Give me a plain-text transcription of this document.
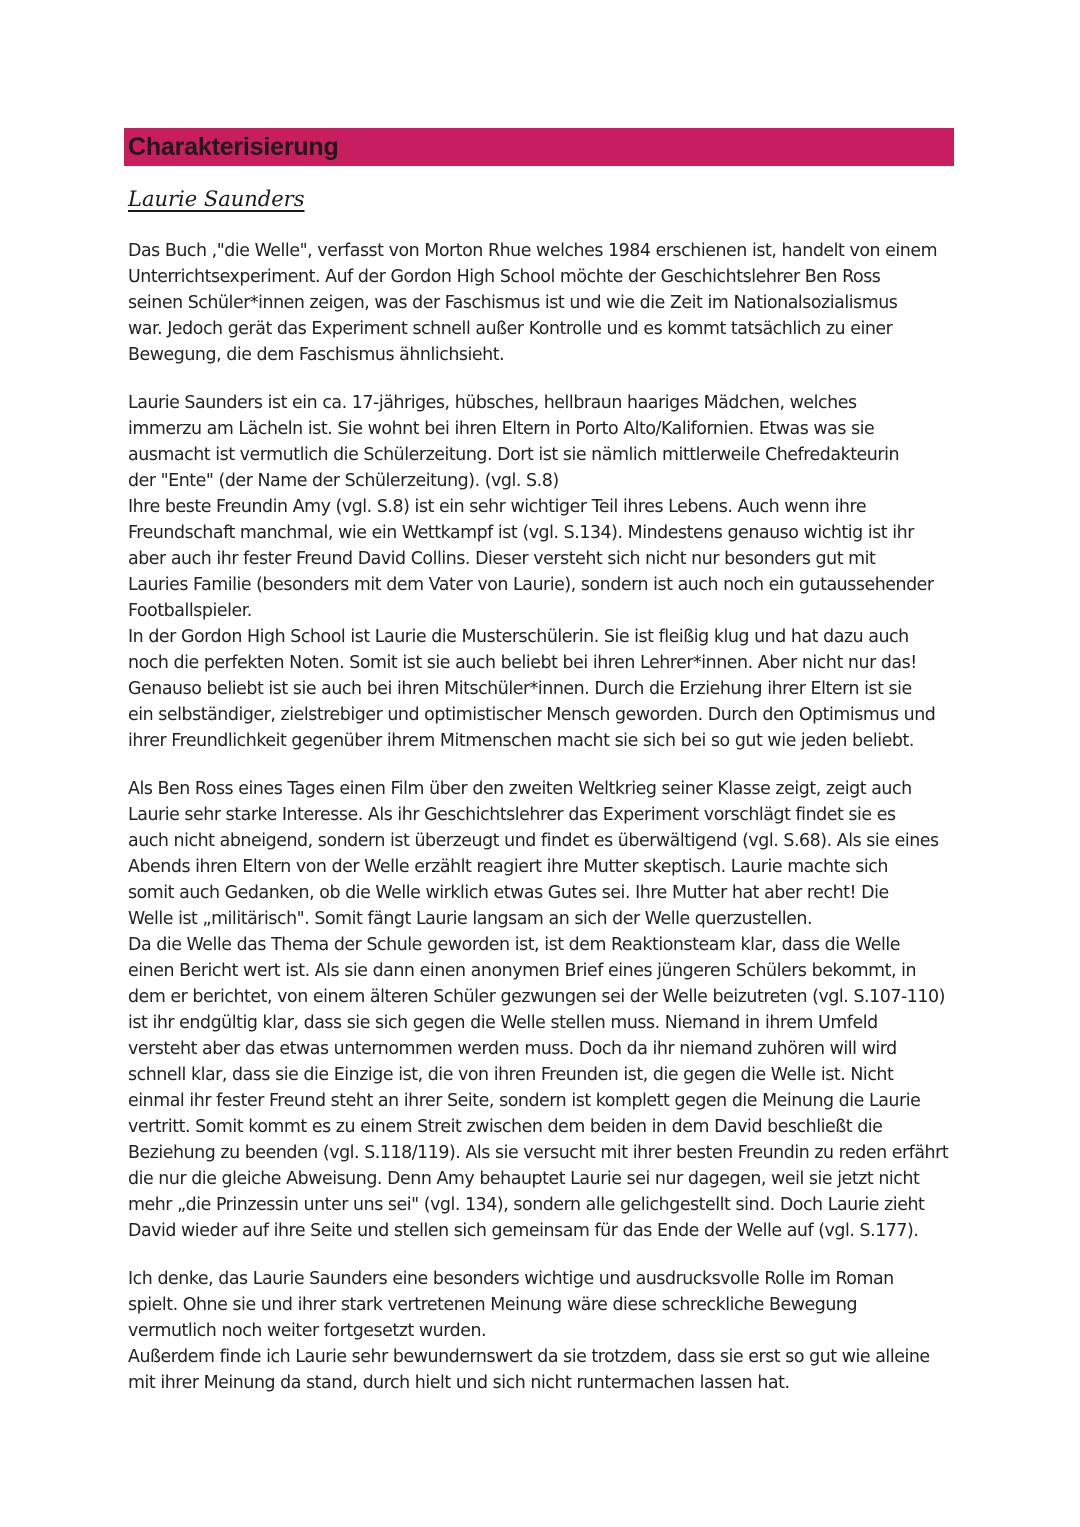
Charakterisierung
Laurie Saunders
Das Buch ,"die Welle", verfasst von Morton Rhue welches 1984 erschienen ist, handelt von einem
Unterrichtsexperiment. Auf der Gordon High School möchte der Geschichtslehrer Ben Ross
seinen Schüler*innen zeigen, was der Faschismus ist und wie die Zeit im Nationalsozialismus
war. Jedoch gerät das Experiment schnell außer Kontrolle und es kommt tatsächlich zu einer
Bewegung, die dem Faschismus ähnlichsieht.
Laurie Saunders ist ein ca. 17-jähriges, hübsches, hellbraun haariges Mädchen, welches
immerzu am Lächeln ist. Sie wohnt bei ihren Eltern in Porto Alto/Kalifornien. Etwas was sie
ausmacht ist vermutlich die Schülerzeitung. Dort ist sie nämlich mittlerweile Chefredakteurin
der "Ente" (der Name der Schülerzeitung). (vgl. S.8)
Ihre beste Freundin Amy (vgl. S.8) ist ein sehr wichtiger Teil ihres Lebens. Auch wenn ihre
Freundschaft manchmal, wie ein Wettkampf ist (vgl. S.134). Mindestens genauso wichtig ist ihr
aber auch ihr fester Freund David Collins. Dieser versteht sich nicht nur besonders gut mit
Lauries Familie (besonders mit dem Vater von Laurie), sondern ist auch noch ein gutaussehender
Footballspieler.
In der Gordon High School ist Laurie die Musterschülerin. Sie ist fleißig klug und hat dazu auch
noch die perfekten Noten. Somit ist sie auch beliebt bei ihren Lehrer*innen. Aber nicht nur das!
Genauso beliebt ist sie auch bei ihren Mitschüler*innen. Durch die Erziehung ihrer Eltern ist sie
ein selbständiger, zielstrebiger und optimistischer Mensch geworden. Durch den Optimismus und
ihrer Freundlichkeit gegenüber ihrem Mitmenschen macht sie sich bei so gut wie jeden beliebt.
Als Ben Ross eines Tages einen Film über den zweiten Weltkrieg seiner Klasse zeigt, zeigt auch
Laurie sehr starke Interesse. Als ihr Geschichtslehrer das Experiment vorschlägt findet sie es
auch nicht abneigend, sondern ist überzeugt und findet es überwältigend (vgl. S.68). Als sie eines
Abends ihren Eltern von der Welle erzählt reagiert ihre Mutter skeptisch. Laurie machte sich
somit auch Gedanken, ob die Welle wirklich etwas Gutes sei. Ihre Mutter hat aber recht! Die
Welle ist „militärisch". Somit fängt Laurie langsam an sich der Welle querzustellen.
Da die Welle das Thema der Schule geworden ist, ist dem Reaktionsteam klar, dass die Welle
einen Bericht wert ist. Als sie dann einen anonymen Brief eines jüngeren Schülers bekommt, in
dem er berichtet, von einem älteren Schüler gezwungen sei der Welle beizutreten (vgl. S.107-110)
ist ihr endgültig klar, dass sie sich gegen die Welle stellen muss. Niemand in ihrem Umfeld
versteht aber das etwas unternommen werden muss. Doch da ihr niemand zuhören will wird
schnell klar, dass sie die Einzige ist, die von ihren Freunden ist, die gegen die Welle ist. Nicht
einmal ihr fester Freund steht an ihrer Seite, sondern ist komplett gegen die Meinung die Laurie
vertritt. Somit kommt es zu einem Streit zwischen dem beiden in dem David beschließt die
Beziehung zu beenden (vgl. S.118/119). Als sie versucht mit ihrer besten Freundin zu reden erfährt
die nur die gleiche Abweisung. Denn Amy behauptet Laurie sei nur dagegen, weil sie jetzt nicht
mehr „die Prinzessin unter uns sei" (vgl. 134), sondern alle gelichgestellt sind. Doch Laurie zieht
David wieder auf ihre Seite und stellen sich gemeinsam für das Ende der Welle auf (vgl. S.177).
Ich denke, das Laurie Saunders eine besonders wichtige und ausdrucksvolle Rolle im Roman
spielt. Ohne sie und ihrer stark vertretenen Meinung wäre diese schreckliche Bewegung
vermutlich noch weiter fortgesetzt wurden.
Außerdem finde ich Laurie sehr bewundernswert da sie trotzdem, dass sie erst so gut wie alleine
mit ihrer Meinung da stand, durch hielt und sich nicht runtermachen lassen hat.
